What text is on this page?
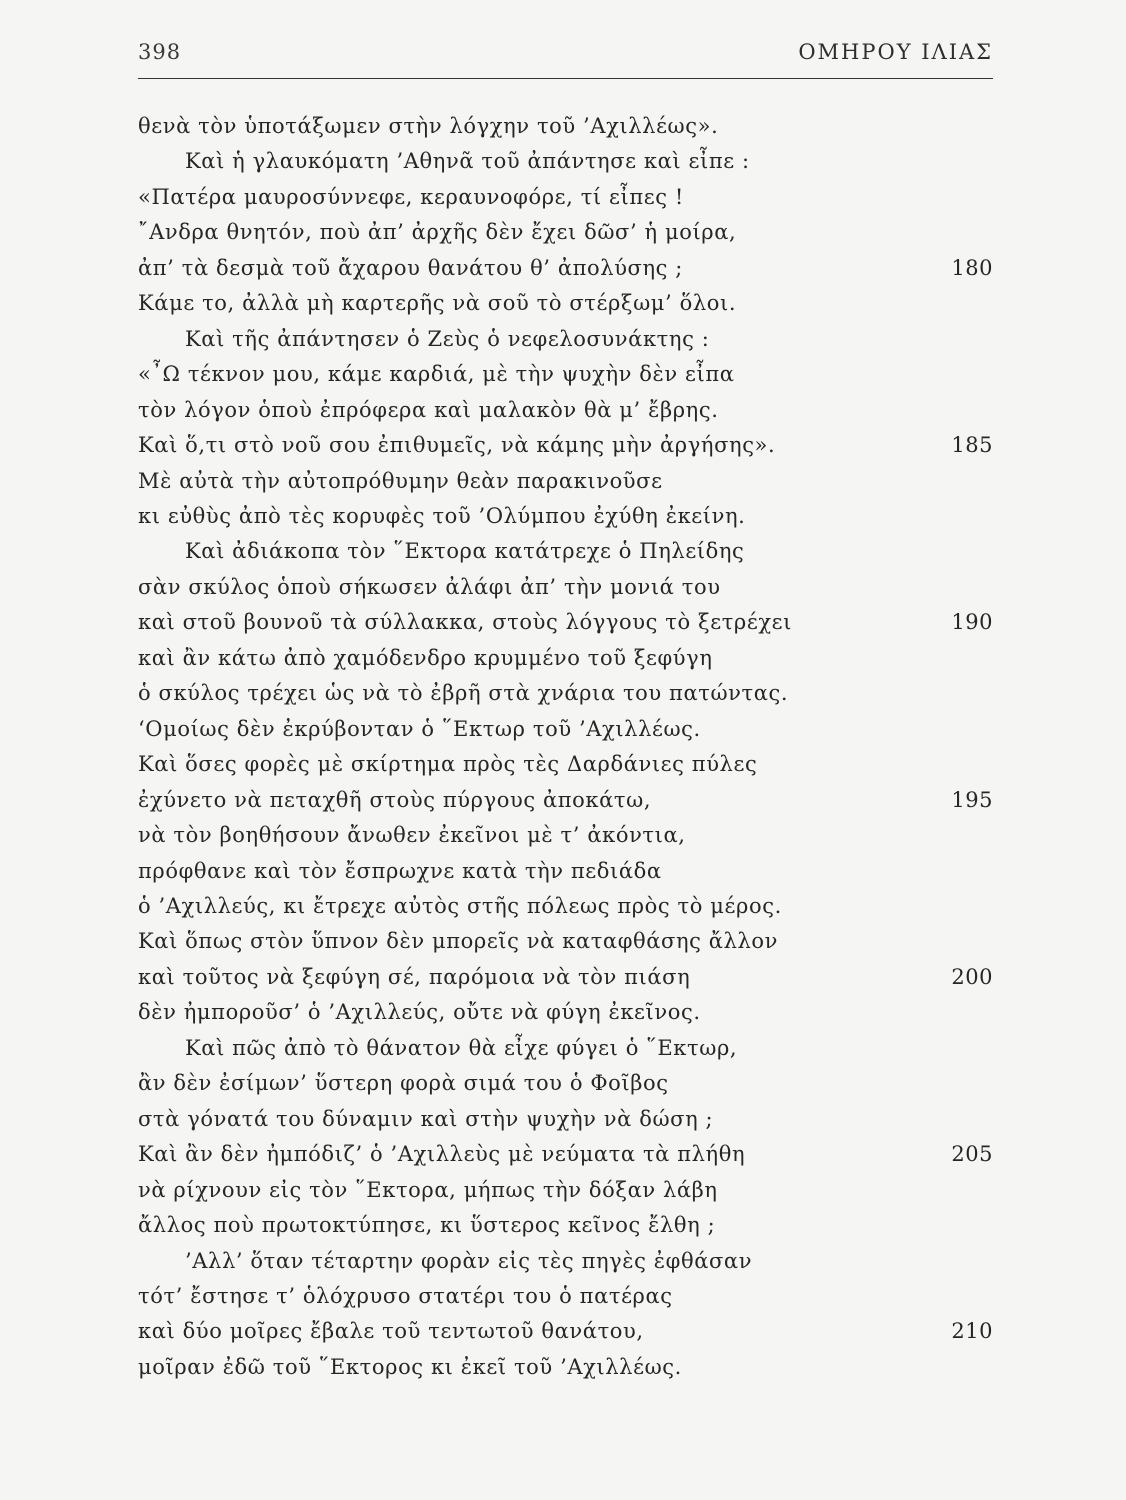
398	ΟΜΗΡΟΥ ΙΛΙΑΣ
θενὰ τὸν ὑποτάξωμεν στὴν λόγχην τοῦ ’Αχιλλέως».
Καὶ ἡ γλαυκόματη ’Αθηνᾶ τοῦ ἀπάντησε καὶ εἶπε :
«Πατέρα μαυροσύννεφε, κεραυνοφόρε, τί εἶπες !
῎Ανδρα θνητόν, ποὺ ἀπ’ ἀρχῆς δὲν ἔχει δῶσ’ ἡ μοίρα,
ἀπ’ τὰ δεσμὰ τοῦ ἄχαρου θανάτου θ’ ἀπολύσης ;	180
Κάμε το, ἀλλὰ μὴ καρτερῆς νὰ σοῦ τὸ στέρξωμ’ ὅλοι.
Καὶ τῆς ἀπάντησεν ὁ Ζεὺς ὁ νεφελοσυνάκτης :
«῏Ω τέκνον μου, κάμε καρδιά, μὲ τὴν ψυχὴν δὲν εἶπα
τὸν λόγον ὁποὺ ἐπρόφερα καὶ μαλακὸν θὰ μ’ ἔβρης.
Καὶ ὅ,τι στὸ νοῦ σου ἐπιθυμεῖς, νὰ κάμης μὴν ἀργήσης».	185
Μὲ αὐτὰ τὴν αὐτοπρόθυμην θεὰν παρακινοῦσε
κι εὐθὺς ἀπὸ τὲς κορυφὲς τοῦ ’Ολύμπου ἐχύθη ἐκείνη.
Καὶ ἀδιάκοπα τὸν ῞Εκτορα κατάτρεχε ὁ Πηλείδης
σὰν σκύλος ὁποὺ σήκωσεν ἀλάφι ἀπ’ τὴν μονιά του
καὶ στοῦ βουνοῦ τὰ σύλλακκα, στοὺς λόγγους τὸ ξετρέχει	190
καὶ ἂν κάτω ἀπὸ χαμόδενδρο κρυμμένο τοῦ ξεφύγη
ὁ σκύλος τρέχει ὡς νὰ τὸ ἐβρῆ στὰ χνάρια του πατώντας.
‘Ομοίως δὲν ἐκρύβονταν ὁ ῞Εκτωρ τοῦ ’Αχιλλέως.
Καὶ ὅσες φορὲς μὲ σκίρτημα πρὸς τὲς Δαρδάνιες πύλες
ἐχύνετο νὰ πεταχθῆ στοὺς πύργους ἀποκάτω,	195
νὰ τὸν βοηθήσουν ἄνωθεν ἐκεῖνοι μὲ τ’ ἀκόντια,
πρόφθανε καὶ τὸν ἔσπρωχνε κατὰ τὴν πεδιάδα
ὁ ’Αχιλλεύς, κι ἔτρεχε αὐτὸς στῆς πόλεως πρὸς τὸ μέρος.
Καὶ ὅπως στὸν ὕπνον δὲν μπορεῖς νὰ καταφθάσης ἄλλον
καὶ τοῦτος νὰ ξεφύγη σέ, παρόμοια νὰ τὸν πιάση	200
δὲν ἠμποροῦσ’ ὁ ’Αχιλλεύς, οὔτε νὰ φύγη ἐκεῖνος.
Καὶ πῶς ἀπὸ τὸ θάνατον θὰ εἶχε φύγει ὁ ῞Εκτωρ,
ἂν δὲν ἐσίμων’ ὕστερη φορὰ σιμά του ὁ Φοῖβος
στὰ γόνατά του δύναμιν καὶ στὴν ψυχὴν νὰ δώση ;
Καὶ ἂν δὲν ἠμπόδιζ’ ὁ ’Αχιλλεὺς μὲ νεύματα τὰ πλήθη	205
νὰ ρίχνουν εἰς τὸν ῞Εκτορα, μήπως τὴν δόξαν λάβη
ἄλλος ποὺ πρωτοκτύπησε, κι ὕστερος κεῖνος ἔλθη ;
’Αλλ’ ὅταν τέταρτην φορὰν εἰς τὲς πηγὲς ἐφθάσαν
τότ’ ἔστησε τ’ ὁλόχρυσο στατέρι του ὁ πατέρας
καὶ δύο μοῖρες ἔβαλε τοῦ τεντωτοῦ θανάτου,	210
μοῖραν ἐδῶ τοῦ ῞Εκτορος κι ἐκεῖ τοῦ ’Αχιλλέως.
